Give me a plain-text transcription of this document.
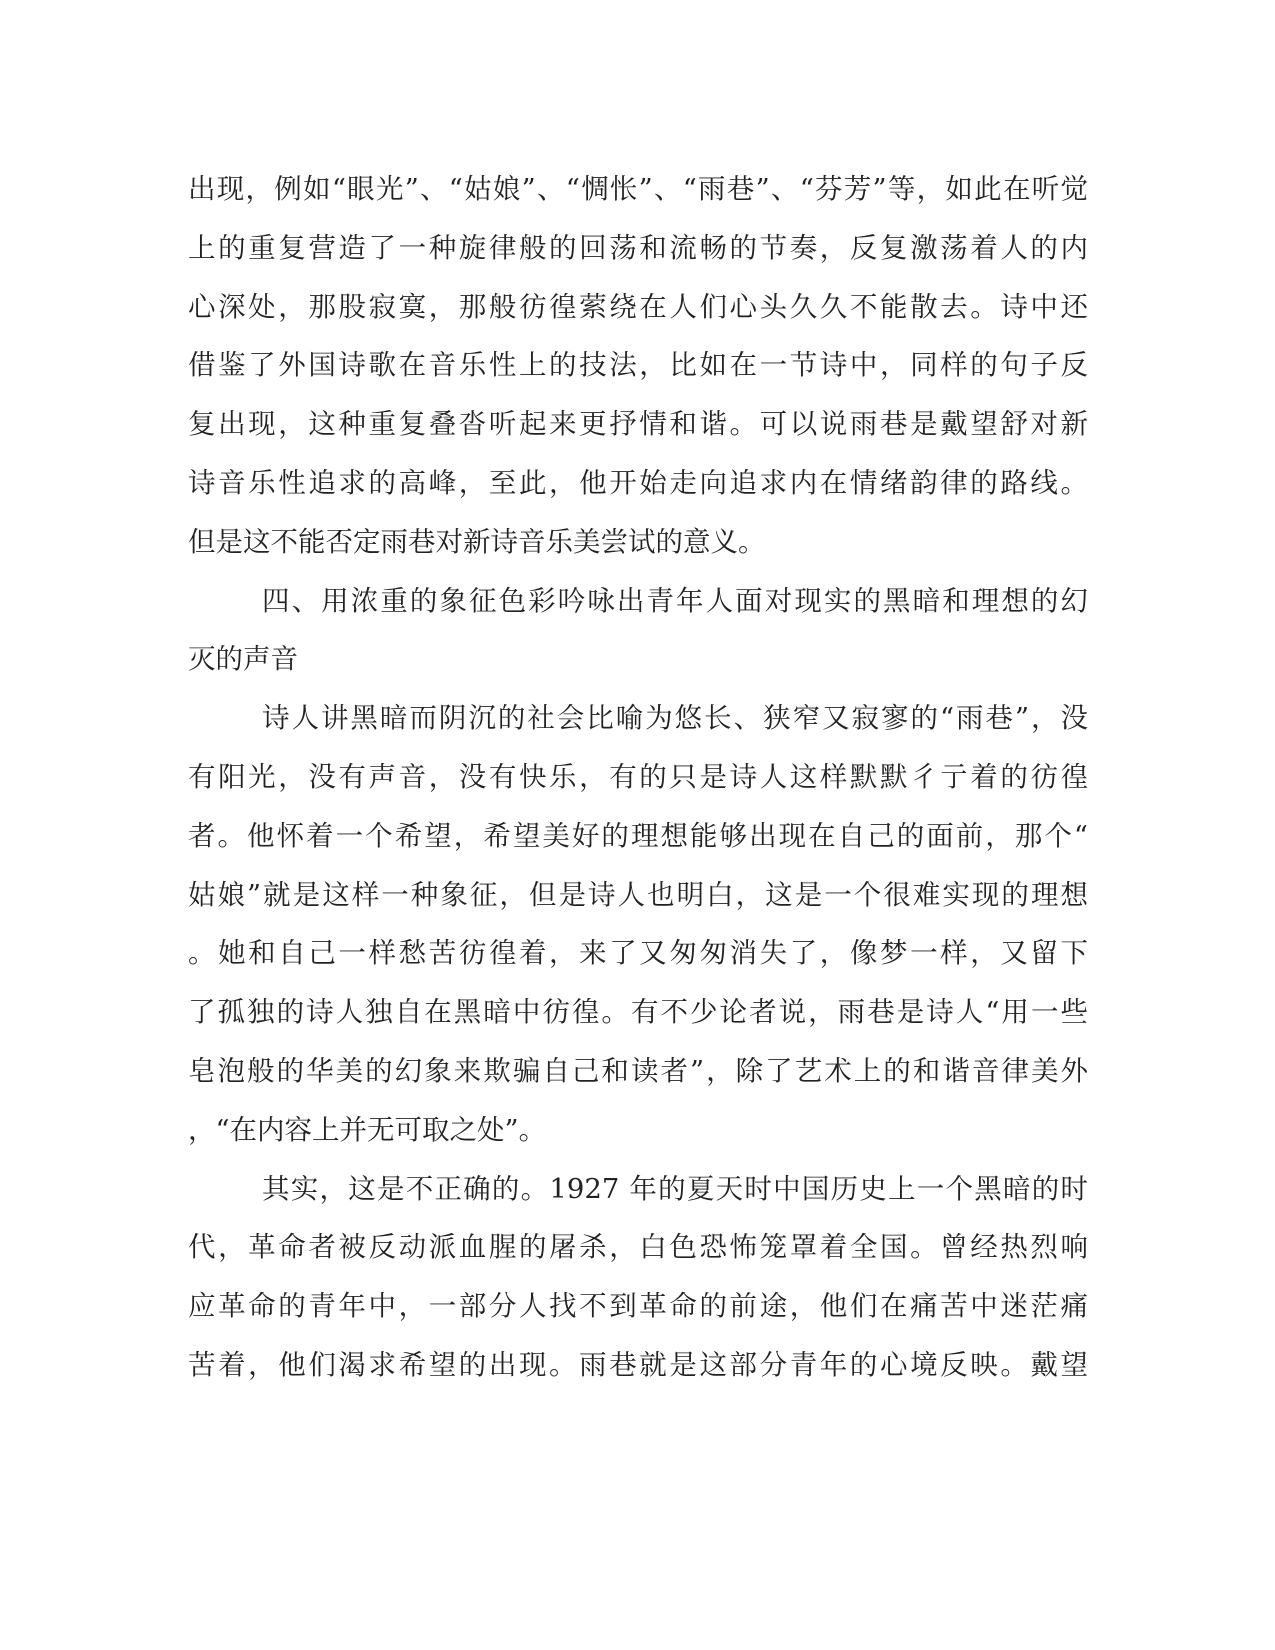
出现，例如“眼光”、“姑娘”、“惆怅”、“雨巷”、“芬芳”等，如此在听觉
上的重复营造了一种旋律般的回荡和流畅的节奏，反复激荡着人的内
心深处，那股寂寞，那般彷徨萦绕在人们心头久久不能散去。诗中还
借鉴了外国诗歌在音乐性上的技法，比如在一节诗中，同样的句子反
复出现，这种重复叠沓听起来更抒情和谐。可以说雨巷是戴望舒对新
诗音乐性追求的高峰，至此，他开始走向追求内在情绪韵律的路线。
但是这不能否定雨巷对新诗音乐美尝试的意义。
四、用浓重的象征色彩吟咏出青年人面对现实的黑暗和理想的幻
灭的声音
诗人讲黑暗而阴沉的社会比喻为悠长、狭窄又寂寥的“雨巷”，没
有阳光，没有声音，没有快乐，有的只是诗人这样默默彳亍着的彷徨
者。他怀着一个希望，希望美好的理想能够出现在自己的面前，那个“
姑娘”就是这样一种象征，但是诗人也明白，这是一个很难实现的理想
。她和自己一样愁苦彷徨着，来了又匆匆消失了，像梦一样，又留下
了孤独的诗人独自在黑暗中彷徨。有不少论者说，雨巷是诗人“用一些
皂泡般的华美的幻象来欺骗自己和读者”，除了艺术上的和谐音律美外
，“在内容上并无可取之处”。
其实，这是不正确的。1927 年的夏天时中国历史上一个黑暗的时
代，革命者被反动派血腥的屠杀，白色恐怖笼罩着全国。曾经热烈响
应革命的青年中，一部分人找不到革命的前途，他们在痛苦中迷茫痛
苦着，他们渴求希望的出现。雨巷就是这部分青年的心境反映。戴望
